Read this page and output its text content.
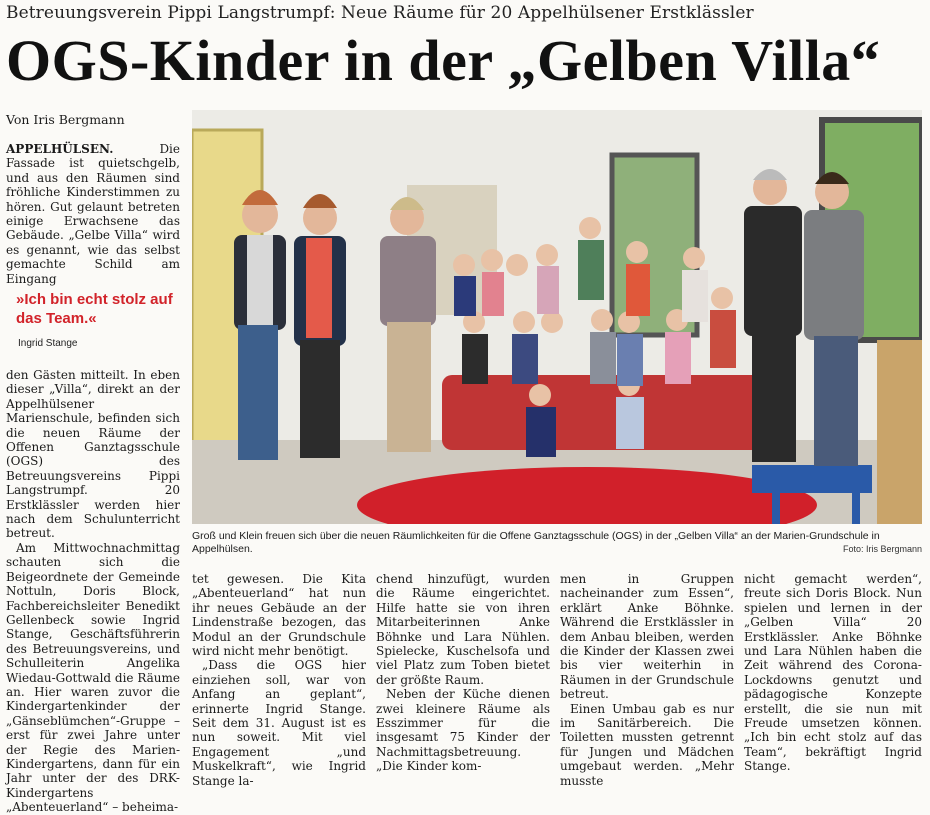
Betreuungsverein Pippi Langstrumpf: Neue Räume für 20 Appelhülsener Erstklässler
OGS-Kinder in der „Gelben Villa“
Von Iris Bergmann

APPELHÜLSEN. Die Fassade ist quietschgelb, und aus den Räumen sind fröhliche Kinderstimmen zu hören. Gut gelaunt betreten einige Erwachsene das Gebäude. „Gelbe Villa“ wird es genannt, wie das selbst gemachte Schild am Eingang

»Ich bin echt stolz auf das Team.«
Ingrid Stange

den Gästen mitteilt. In eben dieser „Villa“, direkt an der Appelhülsener Marienschule, befinden sich die neuen Räume der Offenen Ganztagsschule (OGS) des Betreuungsvereins Pippi Langstrumpf. 20 Erstklässler werden hier nach dem Schulunterricht betreut.

Am Mittwochnachmittag schauten sich die Beigeordnete der Gemeinde Nottuln, Doris Block, Fachbereichsleiter Benedikt Gellenbeck sowie Ingrid Stange, Geschäftsführerin des Betreuungsvereins, und Schulleiterin Angelika Wiedau-Gottwald die Räume an. Hier waren zuvor die Kindergartenkinder der „Gänseblümchen“-Gruppe – erst für zwei Jahre unter der Regie des Marien-Kindergartens, dann für ein Jahr unter der des DRK-Kindergartens „Abenteuerland“ – beheima-

Groß und Klein freuen sich über die neuen Räumlichkeiten für die Offene Ganztagsschule (OGS) in der „Gelben Villa“ an der Marien-Grundschule in Appelhülsen.	Foto: Iris Bergmann

tet gewesen. Die Kita „Abenteuerland“ hat nun ihr neues Gebäude an der Lindenstraße bezogen, das Modul an der Grundschule wird nicht mehr benötigt.

„Dass die OGS hier einziehen soll, war von Anfang an geplant“, erinnerte Ingrid Stange. Seit dem 31. August ist es nun soweit. Mit viel Engagement „und Muskelkraft“, wie Ingrid Stange la-

chend hinzufügt, wurden die Räume eingerichtet. Hilfe hatte sie von ihren Mitarbeiterinnen Anke Böhnke und Lara Nühlen. Spielecke, Kuschelsofa und viel Platz zum Toben bietet der größte Raum.

Neben der Küche dienen zwei kleinere Räume als Esszimmer für die insgesamt 75 Kinder der Nachmittagsbetreuung. „Die Kinder kom-

men in Gruppen nacheinander zum Essen“, erklärt Anke Böhnke. Während die Erstklässler in dem Anbau bleiben, werden die Kinder der Klassen zwei bis vier weiterhin in Räumen in der Grundschule betreut.

Einen Umbau gab es nur im Sanitärbereich. Die Toiletten mussten getrennt für Jungen und Mädchen umgebaut werden. „Mehr musste

nicht gemacht werden“, freute sich Doris Block. Nun spielen und lernen in der „Gelben Villa“ 20 Erstklässler. Anke Böhnke und Lara Nühlen haben die Zeit während des Corona-Lockdowns genutzt und pädagogische Konzepte erstellt, die sie nun mit Freude umsetzen können. „Ich bin echt stolz auf das Team“, bekräftigt Ingrid Stange.
